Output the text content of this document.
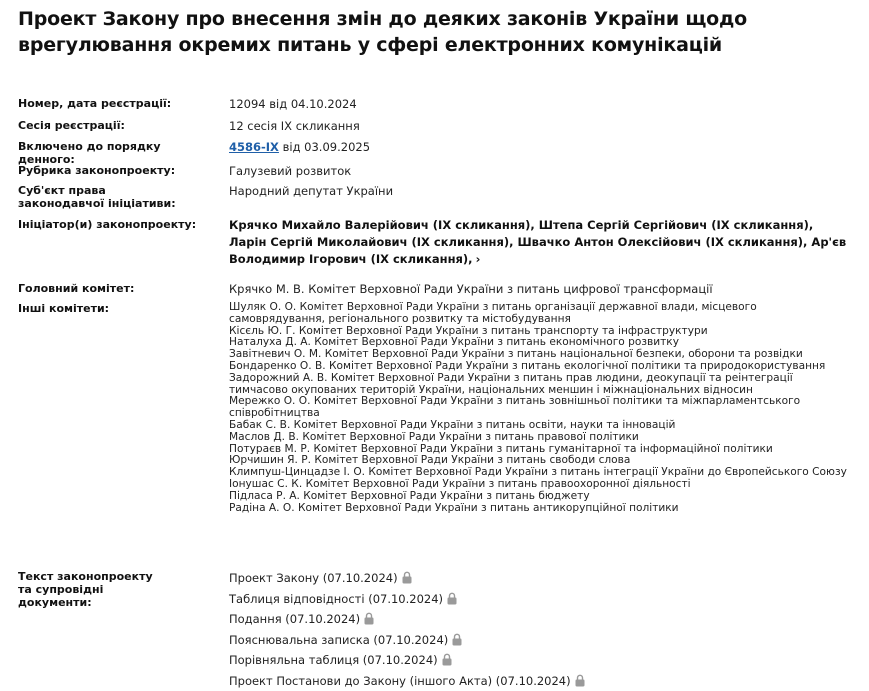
Проект Закону про внесення змін до деяких законів України щодо врегулювання окремих питань у сфері електронних комунікацій
Номер, дата реєстрації:	12094 від 04.10.2024
Сесія реєстрації:	12 сесія IX скликання
Включено до порядку денного:
4586-IX від 03.09.2025
Рубрика законопроекту:	Галузевий розвиток
Суб'єкт права законодавчої ініціативи:
Народний депутат України
Ініціатор(и) законопроекту:	Крячко Михайло Валерійович (IX скликання), Штепа Сергій Сергійович (IX скликання), Ларін Сергій Миколайович (IX скликання), Швачко Антон Олексійович (IX скликання), Ар'єв Володимир Ігорович (IX скликання), ›
Головний комітет:	Крячко М. В. Комітет Верховної Ради України з питань цифрової трансформації
Інші комітети:	Шуляк О. О. Комітет Верховної Ради України з питань організації державної влади, місцевого самоврядування, регіонального розвитку та містобудування
Кісєль Ю. Г. Комітет Верховної Ради України з питань транспорту та інфраструктури
Наталуха Д. А. Комітет Верховної Ради України з питань економічного розвитку
Завітневич О. М. Комітет Верховної Ради України з питань національної безпеки, оборони та розвідки
Бондаренко О. В. Комітет Верховної Ради України з питань екологічної політики та природокористування
Задорожний А. В. Комітет Верховної Ради України з питань прав людини, деокупації та реінтеграції тимчасово окупованих територій України, національних меншин і міжнаціональних відносин
Мережко О. О. Комітет Верховної Ради України з питань зовнішньої політики та міжпарламентського співробітництва
Бабак С. В. Комітет Верховної Ради України з питань освіти, науки та інновацій
Маслов Д. В. Комітет Верховної Ради України з питань правової політики
Потураєв М. Р. Комітет Верховної Ради України з питань гуманітарної та інформаційної політики
Юрчишин Я. Р. Комітет Верховної Ради України з питань свободи слова
Климпуш-Цинцадзе І. О. Комітет Верховної Ради України з питань інтеграції України до Європейського Союзу
Іонушас С. К. Комітет Верховної Ради України з питань правоохоронної діяльності
Підласа Р. А. Комітет Верховної Ради України з питань бюджету
Радіна А. О. Комітет Верховної Ради України з питань антикорупційної політики
Текст законопроекту та супровідні документи:
Проект Закону (07.10.2024)
Таблиця відповідності (07.10.2024)
Подання (07.10.2024)
Пояснювальна записка (07.10.2024)
Порівняльна таблиця (07.10.2024)
Проект Постанови до Закону (іншого Акта) (07.10.2024)
